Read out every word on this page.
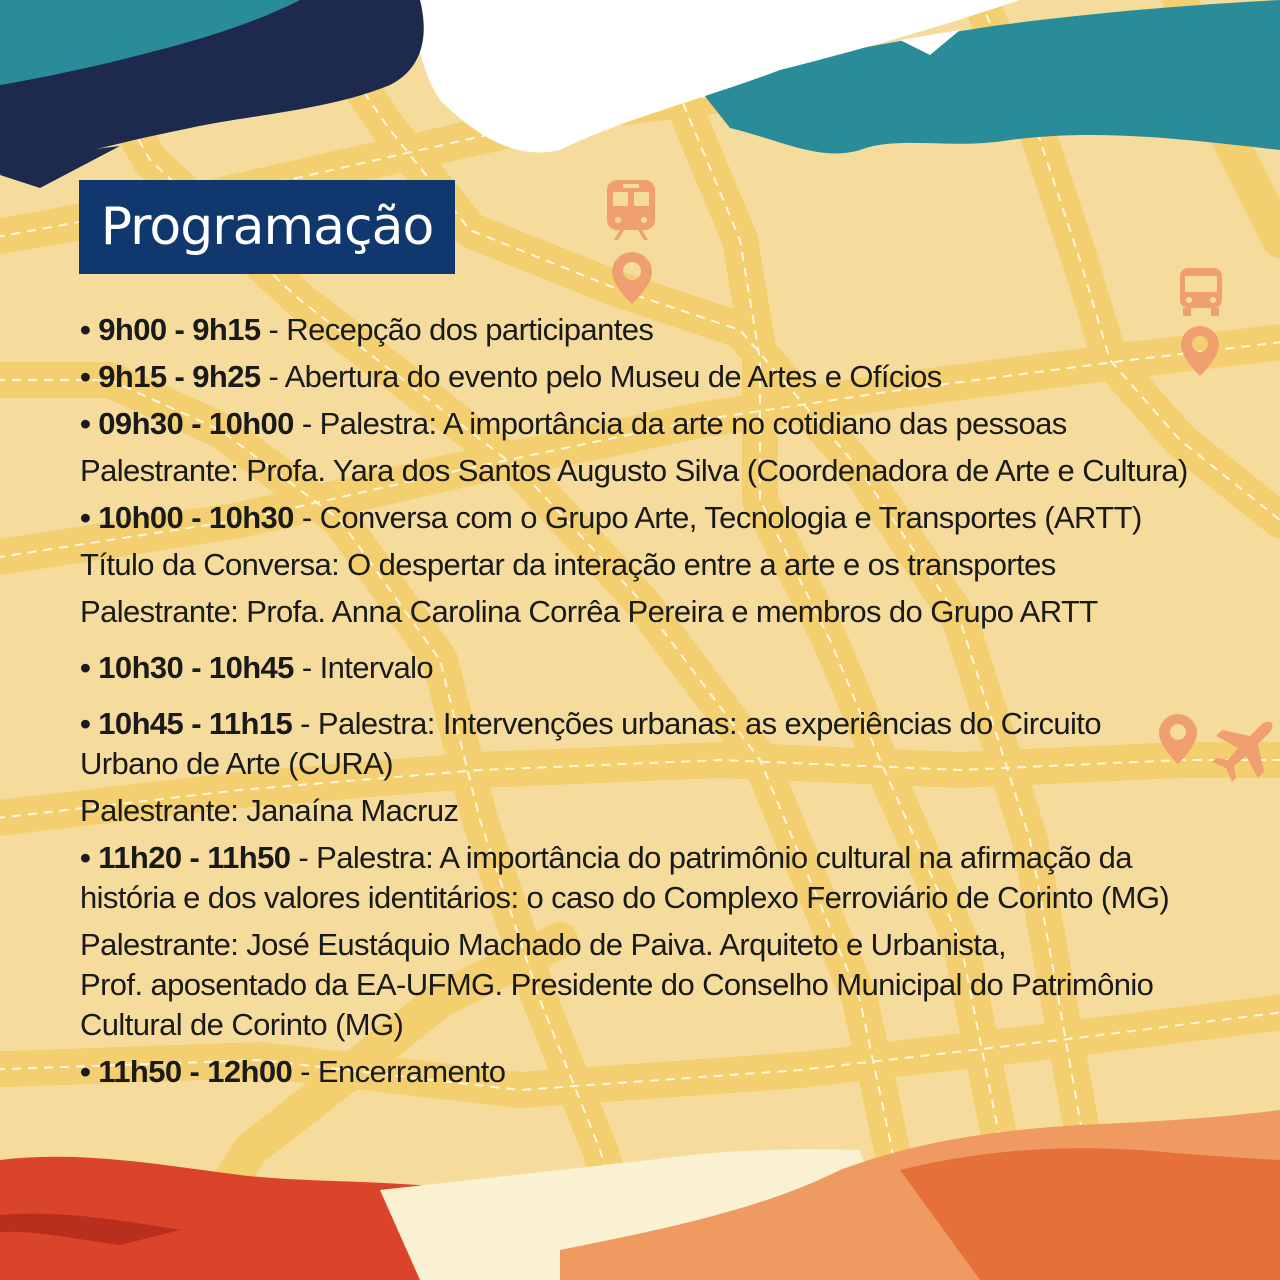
Programação
• 9h00 - 9h15 - Recepção dos participantes
• 9h15 - 9h25 - Abertura do evento pelo Museu de Artes e Ofícios
• 09h30 - 10h00 - Palestra: A importância da arte no cotidiano das pessoas
Palestrante: Profa. Yara dos Santos Augusto Silva (Coordenadora de Arte e Cultura)
• 10h00 - 10h30 - Conversa com o Grupo Arte, Tecnologia e Transportes (ARTT)
Título da Conversa: O despertar da interação entre a arte e os transportes
Palestrante: Profa. Anna Carolina Corrêa Pereira e membros do Grupo ARTT
• 10h30 - 10h45 - Intervalo
• 10h45 - 11h15 - Palestra: Intervenções urbanas: as experiências do Circuito Urbano de Arte (CURA)
Palestrante: Janaína Macruz
• 11h20 - 11h50 - Palestra: A importância do patrimônio cultural na afirmação da história e dos valores identitários: o caso do Complexo Ferroviário de Corinto (MG)
Palestrante: José Eustáquio Machado de Paiva. Arquiteto e Urbanista,
Prof. aposentado da EA-UFMG. Presidente do Conselho Municipal do Patrimônio Cultural de Corinto (MG)
• 11h50 - 12h00 - Encerramento
